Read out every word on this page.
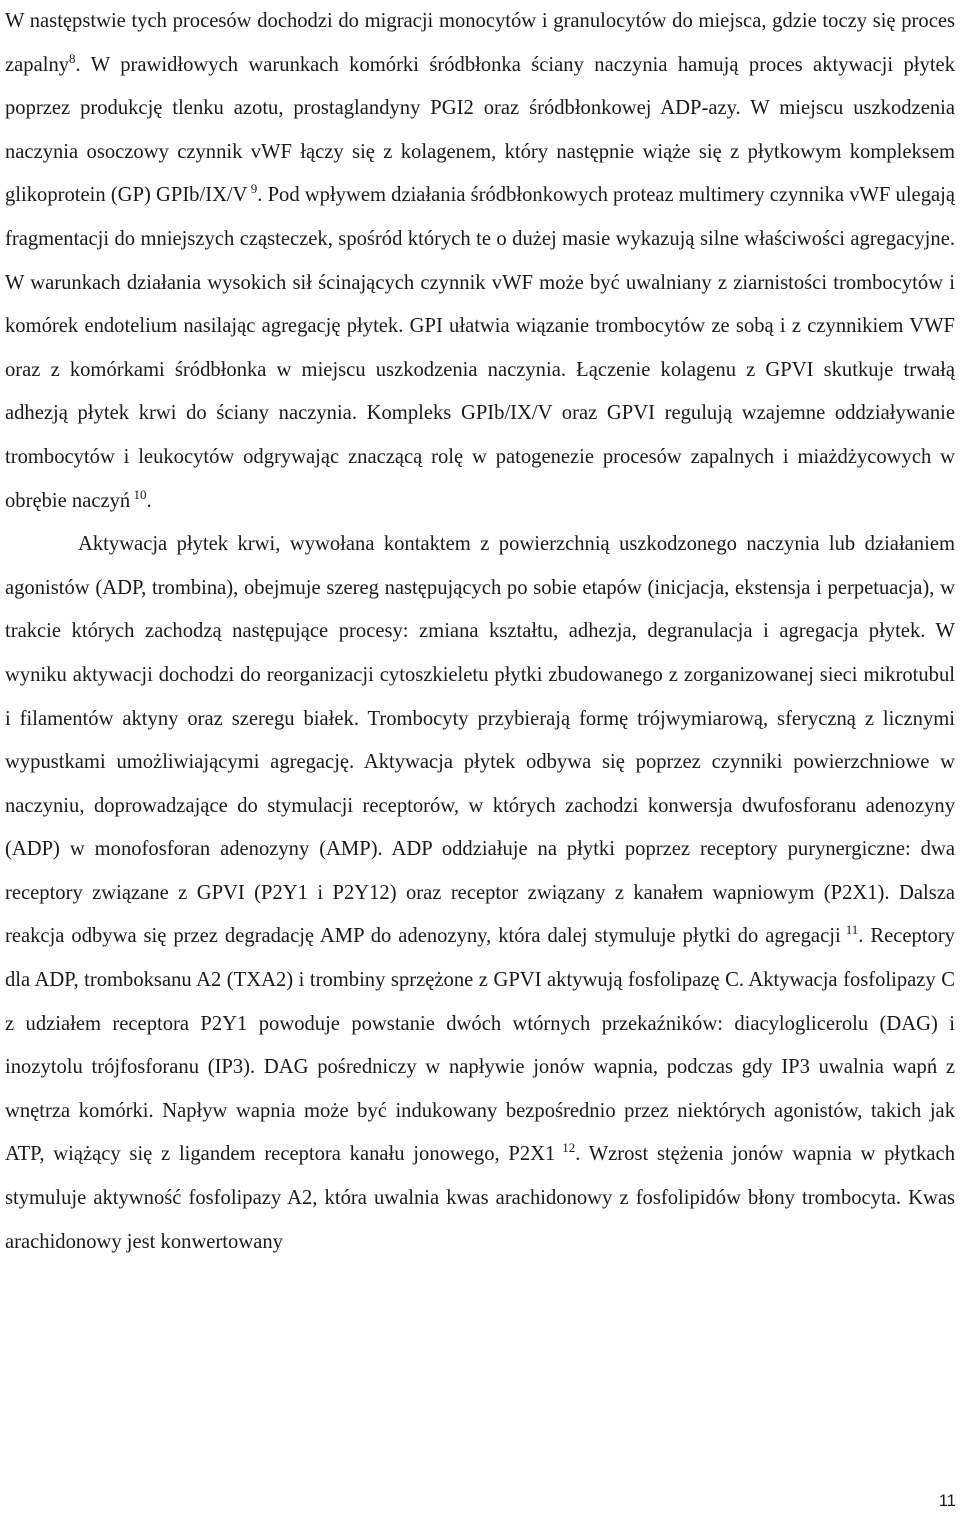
W następstwie tych procesów dochodzi do migracji monocytów i granulocytów do miejsca, gdzie toczy się proces zapalny$^8$. W prawidłowych warunkach komórki śródbłonka ściany naczynia hamują proces aktywacji płytek poprzez produkcję tlenku azotu, prostaglandyny PGI2 oraz śródbłonkowej ADP-azy. W miejscu uszkodzenia naczynia osoczowy czynnik vWF łączy się z kolagenem, który następnie wiąże się z płytkowym kompleksem glikoprotein (GP) GPIb/IX/V $^9$. Pod wpływem działania śródbłonkowych proteaz multimery czynnika vWF ulegają fragmentacji do mniejszych cząsteczek, spośród których te o dużej masie wykazują silne właściwości agregacyjne. W warunkach działania wysokich sił ścinających czynnik vWF może być uwalniany z ziarnistości trombocytów i komórek endotelium nasilając agregację płytek. GPI ułatwia wiązanie trombocytów ze sobą i z czynnikiem VWF oraz z komórkami śródbłonka w miejscu uszkodzenia naczynia. Łączenie kolagenu z GPVI skutkuje trwałą adhezją płytek krwi do ściany naczynia. Kompleks GPIb/IX/V oraz GPVI regulują wzajemne oddziaływanie trombocytów i leukocytów odgrywając znaczącą rolę w patogenezie procesów zapalnych i miażdżycowych w obrębie naczyń $^{10}$.

Aktywacja płytek krwi, wywołana kontaktem z powierzchnią uszkodzonego naczynia lub działaniem agonistów (ADP, trombina), obejmuje szereg następujących po sobie etapów (inicjacja, ekstensja i perpetuacja), w trakcie których zachodzą następujące procesy: zmiana kształtu, adhezja, degranulacja i agregacja płytek. W wyniku aktywacji dochodzi do reorganizacji cytoszkieletu płytki zbudowanego z zorganizowanej sieci mikrotubul i filamentów aktyny oraz szeregu białek. Trombocyty przybierają formę trójwymiarową, sferyczną z licznymi wypustkami umożliwiającymi agregację. Aktywacja płytek odbywa się poprzez czynniki powierzchniowe w naczyniu, doprowadzające do stymulacji receptorów, w których zachodzi konwersja dwufosforanu adenozyny (ADP) w monofosforan adenozyny (AMP). ADP oddziałuje na płytki poprzez receptory purynergiczne: dwa receptory związane z GPVI (P2Y1 i P2Y12) oraz receptor związany z kanałem wapniowym (P2X1). Dalsza reakcja odbywa się przez degradację AMP do adenozyny, która dalej stymuluje płytki do agregacji $^{11}$. Receptory dla ADP, tromboksanu A2 (TXA2) i trombiny sprzężone z GPVI aktywują fosfolipazę C. Aktywacja fosfolipazy C z udziałem receptora P2Y1 powoduje powstanie dwóch wtórnych przekaźników: diacyloglicerolu (DAG) i inozytolu trójfosforanu (IP3). DAG pośredniczy w napływie jonów wapnia, podczas gdy IP3 uwalnia wapń z wnętrza komórki. Napływ wapnia może być indukowany bezpośrednio przez niektórych agonistów, takich jak ATP, wiążący się z ligandem receptora kanału jonowego, P2X1 $^{12}$. Wzrost stężenia jonów wapnia w płytkach stymuluje aktywność fosfolipazy A2, która uwalnia kwas arachidonowy z fosfolipidów błony trombocyta. Kwas arachidonowy jest konwertowany

11
